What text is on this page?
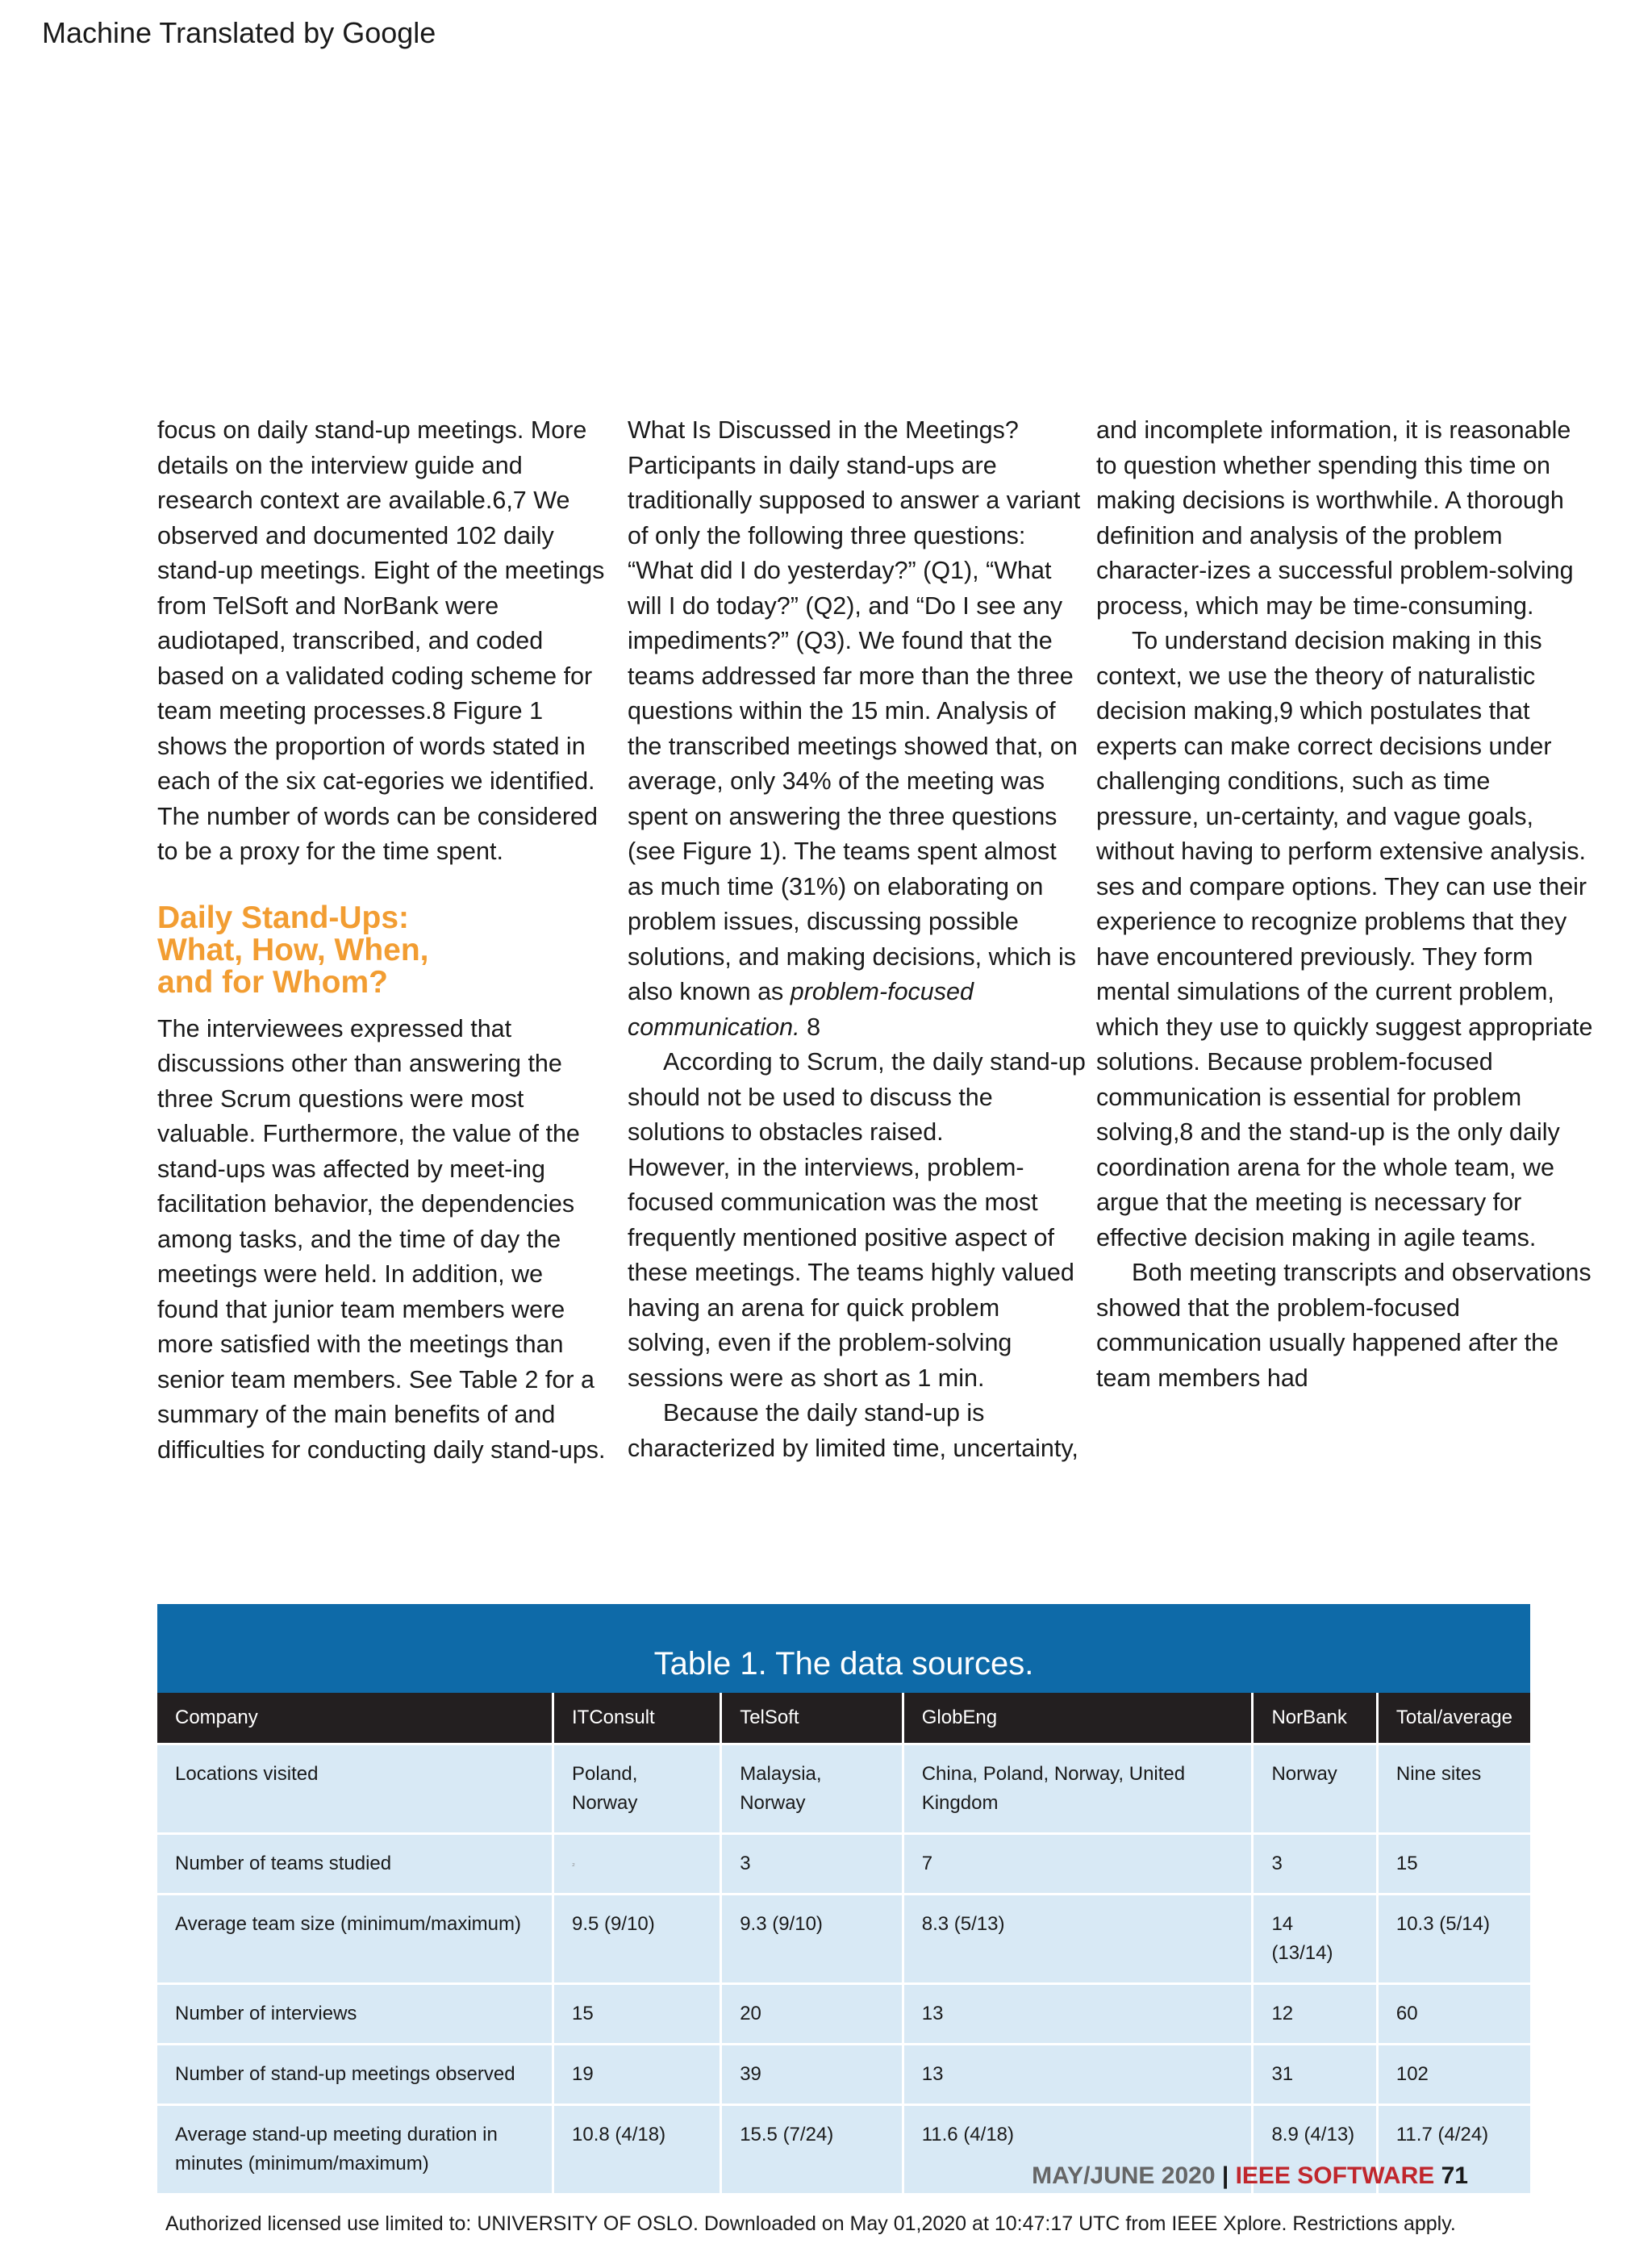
Machine Translated by Google

focus on daily stand-up meetings. More details on the interview guide and research context are available.6,7 We observed and documented 102 daily stand-up meetings. Eight of the meetings from TelSoft and NorBank were audiotaped, transcribed, and coded based on a validated coding scheme for team meeting processes.8 Figure 1 shows the proportion of words stated in each of the six cat-egories we identified. The number of words can be considered to be a proxy for the time spent.

Daily Stand-Ups:
What, How, When,
and for Whom?

The interviewees expressed that discussions other than answering the three Scrum questions were most valuable. Furthermore, the value of the stand-ups was affected by meet-ing facilitation behavior, the dependencies among tasks, and the time of day the meetings were held. In addition, we found that junior team members were more satisfied with the meetings than senior team members. See Table 2 for a summary of the main benefits of and difficulties for conducting daily stand-ups.

What Is Discussed in the Meetings? Participants in daily stand-ups are traditionally supposed to answer a variant of only the following three questions: “What did I do yesterday?” (Q1), “What will I do today?” (Q2), and “Do I see any impediments?” (Q3). We found that the teams addressed far more than the three questions within the 15 min. Analysis of the transcribed meetings showed that, on average, only 34% of the meeting was spent on answering the three questions (see Figure 1). The teams spent almost as much time (31%) on elaborating on problem issues, discussing possible solutions, and making decisions, which is also known as problem-focused communication. 8

According to Scrum, the daily stand-up should not be used to discuss the solutions to obstacles raised.

However, in the interviews, problem-focused communication was the most frequently mentioned positive aspect of these meetings. The teams highly valued having an arena for quick problem solving, even if the problem-solving sessions were as short as 1 min.

Because the daily stand-up is characterized by limited time, uncertainty,

and incomplete information, it is reasonable to question whether spending this time on making decisions is worthwhile. A thorough definition and analysis of the problem character-izes a successful problem-solving process, which may be time-consuming.

To understand decision making in this context, we use the theory of naturalistic decision making,9 which postulates that experts can make correct decisions under challenging conditions, such as time pressure, un-certainty, and vague goals, without having to perform extensive analysis. ses and compare options. They can use their experience to recognize problems that they have encountered previously. They form mental simulations of the current problem, which they use to quickly suggest appropriate solutions. Because problem-focused communication is essential for problem solving,8 and the stand-up is the only daily coordination arena for the whole team, we argue that the meeting is necessary for effective decision making in agile teams.

Both meeting transcripts and observations showed that the problem-focused communication usually happened after the team members had

Table 1. The data sources.
Company	ITConsult	TelSoft	GlobEng	NorBank	Total/average
Locations visited	Poland, Norway	Malaysia, Norway	China, Poland, Norway, United Kingdom	Norway	Nine sites
Number of teams studied	₂	3	7	3	15
Average team size (minimum/maximum)	9.5 (9/10)	9.3 (9/10)	8.3 (5/13)	14 (13/14)	10.3 (5/14)
Number of interviews	15	20	13	12	60
Number of stand-up meetings observed	19	39	13	31	102
Average stand-up meeting duration in minutes (minimum/maximum)	10.8 (4/18)	15.5 (7/24)	11.6 (4/18)	8.9 (4/13)	11.7 (4/24)
MAY/JUNE 2020 | IEEE SOFTWARE 71
Authorized licensed use limited to: UNIVERSITY OF OSLO. Downloaded on May 01,2020 at 10:47:17 UTC from IEEE Xplore. Restrictions apply.
